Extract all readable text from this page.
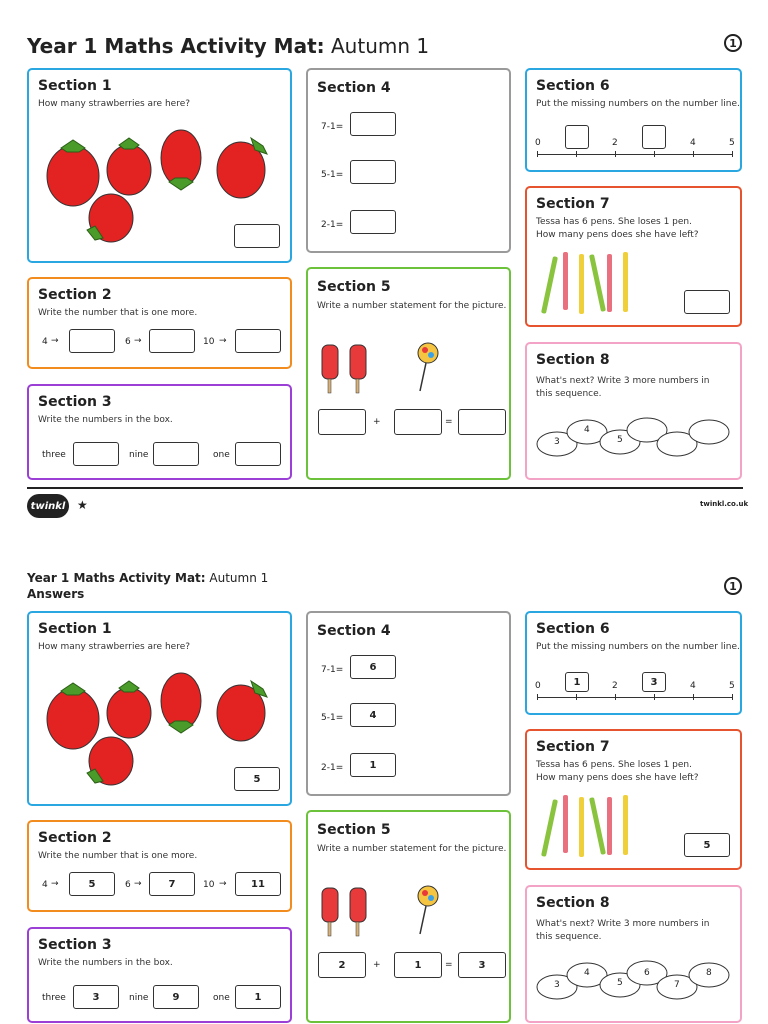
Year 1 Maths Activity Mat: Autumn 1	1
Section 1
How many strawberries are here?
Section 2
Write the number that is one more.
4 →	6 →	10 →
Section 3
Write the numbers in the box.
three	nine	one
Section 4
7-1=
5-1=
2-1=
Section 5
Write a number statement for the picture.
+	=
Section 6
Put the missing numbers on the number line.
0	2	4	5
Section 7
Tessa has 6 pens. She loses 1 pen.
How many pens does she have left?
Section 8
What's next? Write 3 more numbers in
this sequence.
3
4
5
twinkl ★	twinkl.co.uk
Year 1 Maths Activity Mat: Autumn 1
Answers
1
Section 1
How many strawberries are here?
5
Section 2
Write the number that is one more.
4 →	5	6 →	7	10 →	11
Section 3
Write the numbers in the box.
three	3	nine	9	one	1
Section 4
7-1=	6
5-1=	4
2-1=	1
Section 5
Write a number statement for the picture.
2	+	1	=	3
Section 6
Put the missing numbers on the number line.
0	1	2	3	4	5
Section 7
Tessa has 6 pens. She loses 1 pen.
How many pens does she have left?
5
Section 8
What's next? Write 3 more numbers in
this sequence.
3
4
5
6
7
8
